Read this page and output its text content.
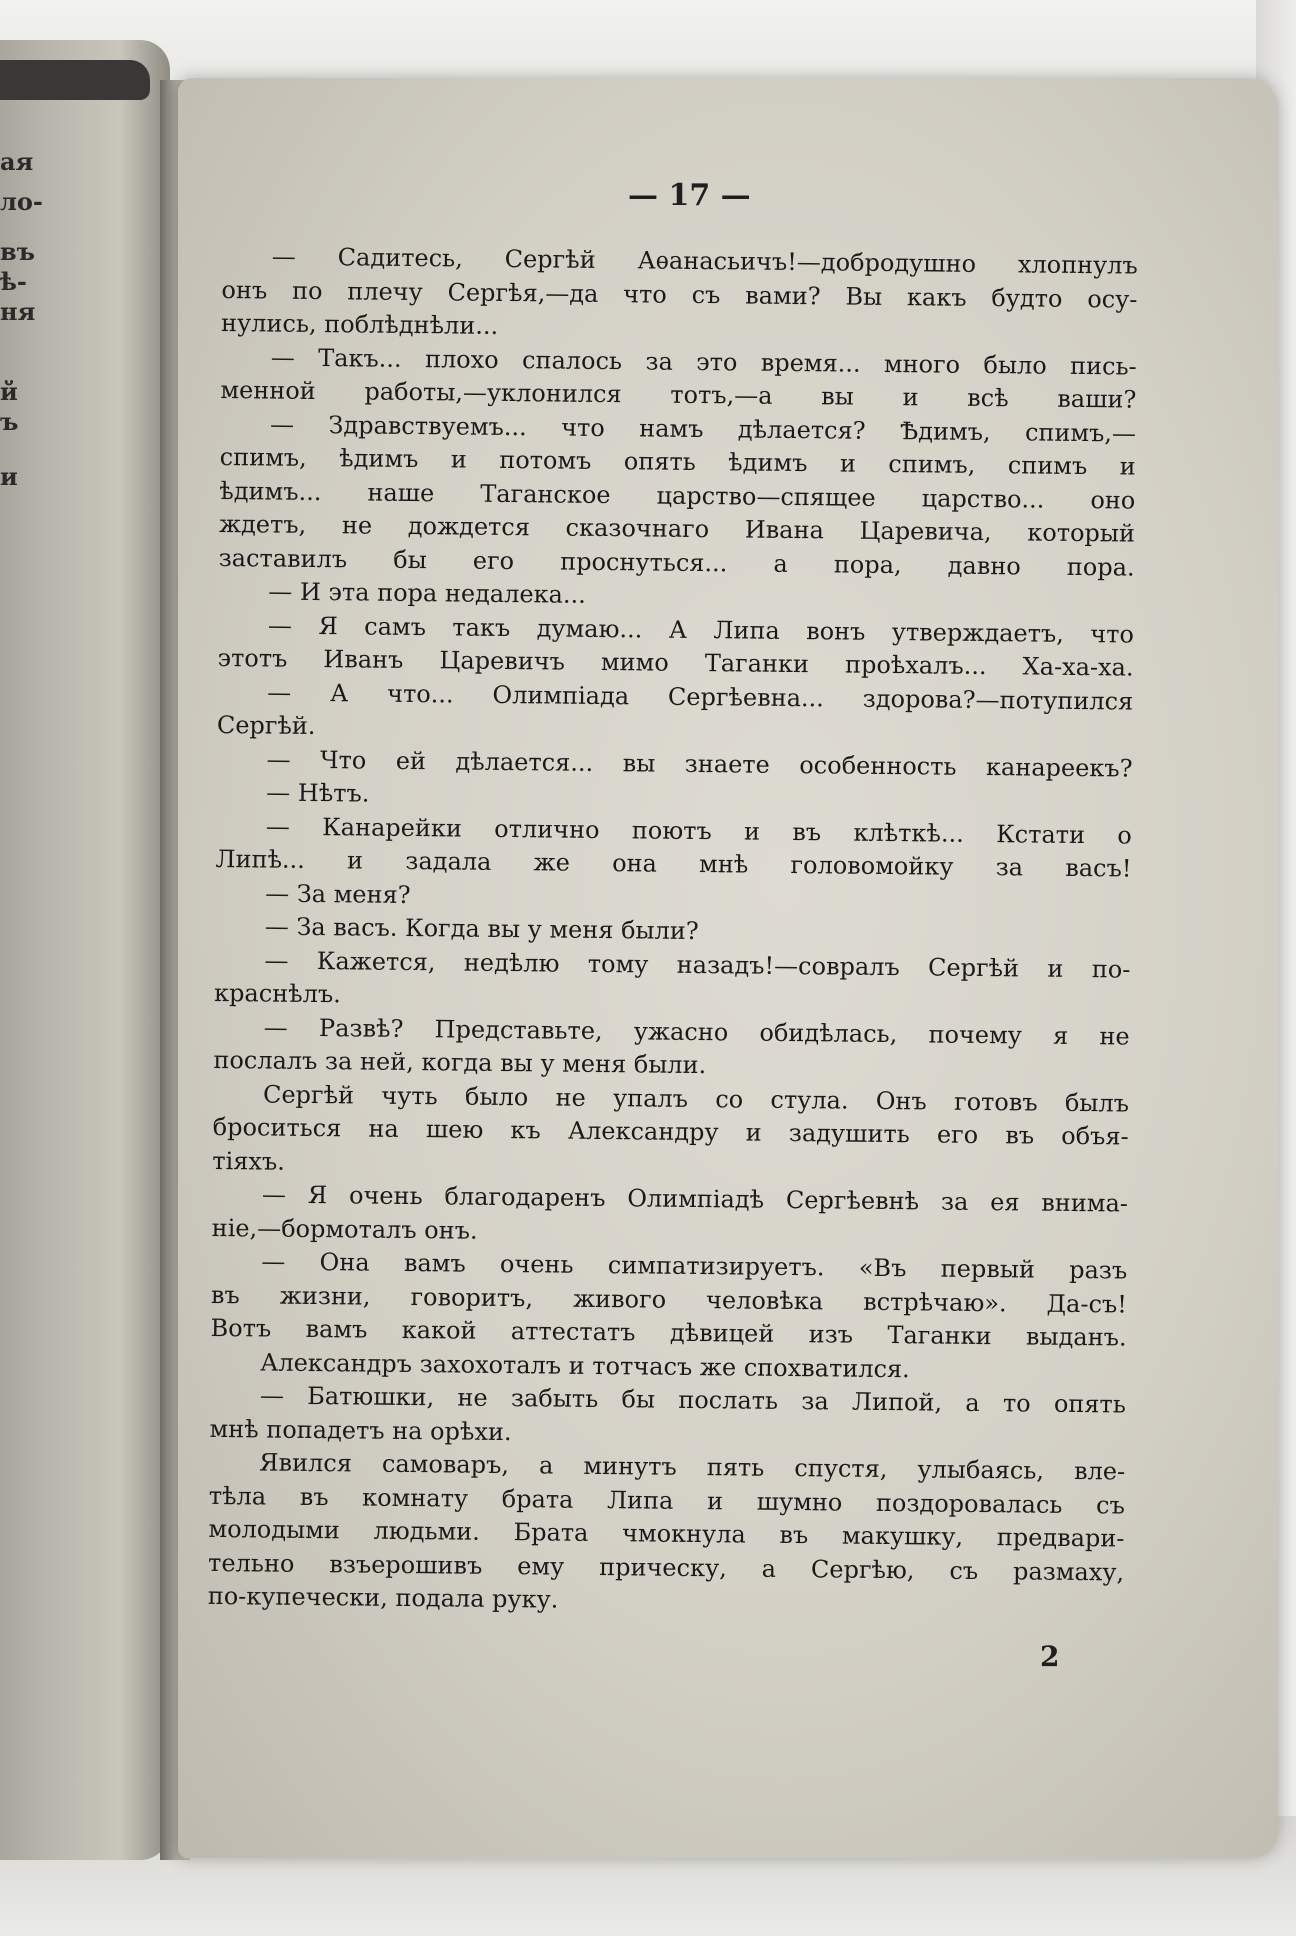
ая
ло-
въ
ѣ-
ня
й
ъ
и
— 17 —
— Садитесь, Сергѣй Аѳанасьичъ!—добродушно хлопнулъ
онъ по плечу Сергѣя,—да что съ вами? Вы какъ будто осу-
нулись, поблѣднѣли...
— Такъ... плохо спалось за это время... много было пись-
менной работы,—уклонился тотъ,—а вы и всѣ ваши?
— Здравствуемъ... что намъ дѣлается? Ѣдимъ, спимъ,—
спимъ, ѣдимъ и потомъ опять ѣдимъ и спимъ, спимъ и
ѣдимъ... наше Таганское царство—спящее царство... оно
ждетъ, не дождется сказочнаго Ивана Царевича, который
заставилъ бы его проснуться... а пора, давно пора.
— И эта пора недалека...
— Я самъ такъ думаю... А Липа вонъ утверждаетъ, что
этотъ Иванъ Царевичъ мимо Таганки проѣхалъ... Ха-ха-ха.
— А что... Олимпіада Сергѣевна... здорова?—потупился
Сергѣй.
— Что ей дѣлается... вы знаете особенность канареекъ?
— Нѣтъ.
— Канарейки отлично поютъ и въ клѣткѣ... Кстати о
Липѣ... и задала же она мнѣ головомойку за васъ!
— За меня?
— За васъ. Когда вы у меня были?
— Кажется, недѣлю тому назадъ!—совралъ Сергѣй и по-
краснѣлъ.
— Развѣ? Представьте, ужасно обидѣлась, почему я не
послалъ за ней, когда вы у меня были.
Сергѣй чуть было не упалъ со стула. Онъ готовъ былъ
броситься на шею къ Александру и задушить его въ объя-
тіяхъ.
— Я очень благодаренъ Олимпіадѣ Сергѣевнѣ за ея внима-
ніе,—бормоталъ онъ.
— Она вамъ очень симпатизируетъ. «Въ первый разъ
въ жизни, говоритъ, живого человѣка встрѣчаю». Да-съ!
Вотъ вамъ какой аттестатъ дѣвицей изъ Таганки выданъ.
Александръ захохоталъ и тотчасъ же спохватился.
— Батюшки, не забыть бы послать за Липой, а то опять
мнѣ попадетъ на орѣхи.
Явился самоваръ, а минутъ пять спустя, улыбаясь, вле-
тѣла въ комнату брата Липа и шумно поздоровалась съ
молодыми людьми. Брата чмокнула въ макушку, предвари-
тельно взъерошивъ ему прическу, а Сергѣю, съ размаху,
по-купечески, подала руку.
2
